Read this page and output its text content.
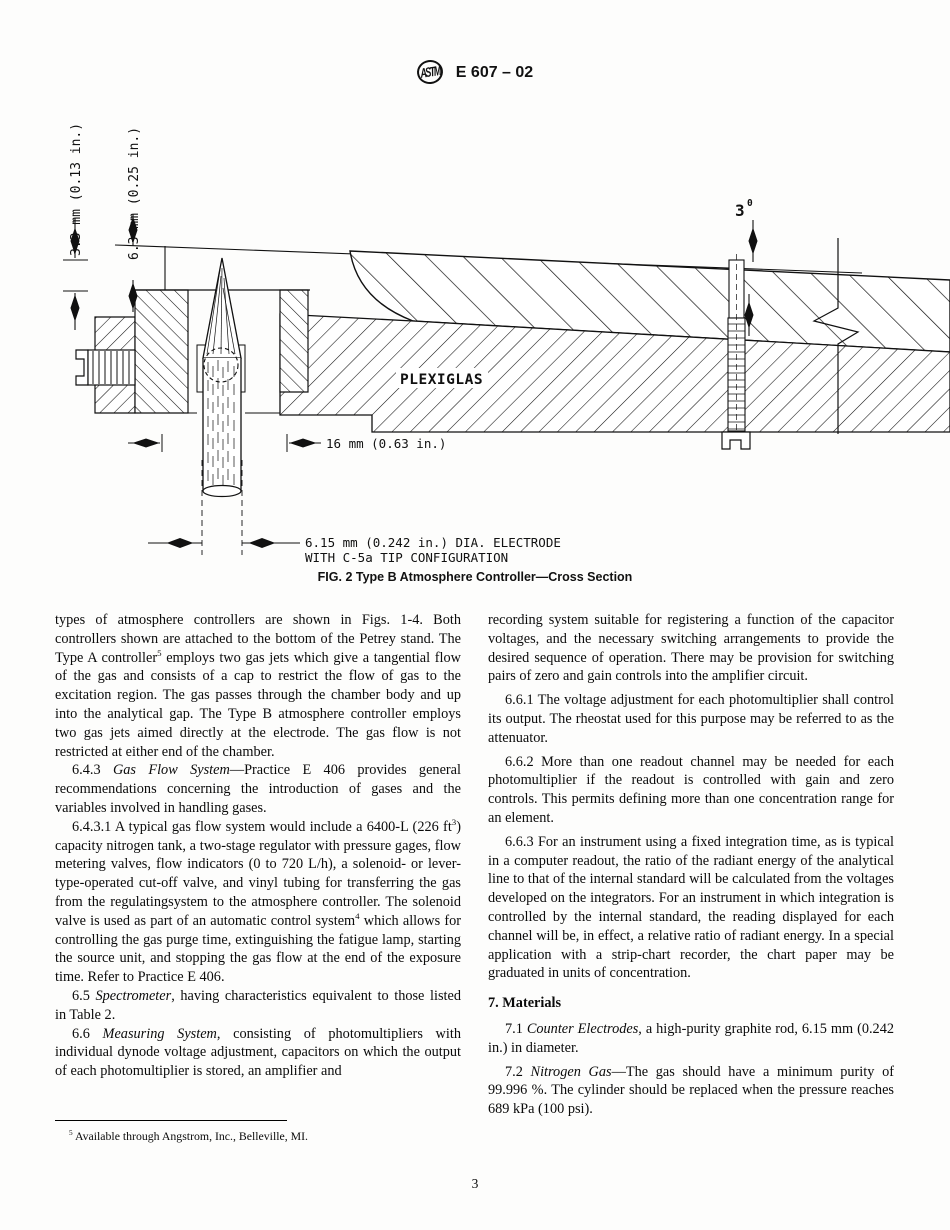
ASTM E 607 – 02
3 0
3.3 mm (0.13 in.)	6.3 mm (0.25 in.)
PLEXIGLAS
16 mm (0.63 in.)
6.15 mm (0.242 in.) DIA. ELECTRODE
WITH C-5a TIP CONFIGURATION
FIG. 2 Type B Atmosphere Controller—Cross Section

types of atmosphere controllers are shown in Figs. 1-4. Both controllers shown are attached to the bottom of the Petrey stand. The Type A controller$^5$ employs two gas jets which give a tangential flow of the gas and consists of a cap to restrict the flow of gas to the excitation region. The gas passes through the chamber body and up into the analytical gap. The Type B atmosphere controller employs two gas jets aimed directly at the electrode. The gas flow is not restricted at either end of the chamber.

6.4.3 Gas Flow System—Practice E 406 provides general recommendations concerning the introduction of gases and the variables involved in handling gases.

6.4.3.1 A typical gas flow system would include a 6400-L (226 $ft^3$) capacity nitrogen tank, a two-stage regulator with pressure gages, flow metering valves, flow indicators (0 to 720 L/h), a solenoid- or lever-type-operated cut-off valve, and vinyl tubing for transferring the gas from the regulatingsystem to the atmosphere controller. The solenoid valve is used as part of an automatic control system$^4$ which allows for controlling the gas purge time, extinguishing the fatigue lamp, starting the source unit, and stopping the gas flow at the end of the exposure time. Refer to Practice E 406.

6.5 Spectrometer, having characteristics equivalent to those listed in Table 2.

6.6 Measuring System, consisting of photomultipliers with individual dynode voltage adjustment, capacitors on which the output of each photomultiplier is stored, an amplifier and

recording system suitable for registering a function of the capacitor voltages, and the necessary switching arrangements to provide the desired sequence of operation. There may be provision for switching pairs of zero and gain controls into the amplifier circuit.

6.6.1 The voltage adjustment for each photomultiplier shall control its output. The rheostat used for this purpose may be referred to as the attenuator.

6.6.2 More than one readout channel may be needed for each photomultiplier if the readout is controlled with gain and zero controls. This permits defining more than one concentration range for an element.

6.6.3 For an instrument using a fixed integration time, as is typical in a computer readout, the ratio of the radiant energy of the analytical line to that of the internal standard will be calculated from the voltages developed on the integrators. For an instrument in which integration is controlled by the internal standard, the reading displayed for each channel will be, in effect, a relative ratio of radiant energy. In a special application with a strip-chart recorder, the chart paper may be graduated in units of concentration.

7. Materials

7.1 Counter Electrodes, a high-purity graphite rod, 6.15 mm (0.242 in.) in diameter.

7.2 Nitrogen Gas—The gas should have a minimum purity of 99.996 %. The cylinder should be replaced when the pressure reaches 689 kPa (100 psi).

$^5$ Available through Angstrom, Inc., Belleville, MI.
3
